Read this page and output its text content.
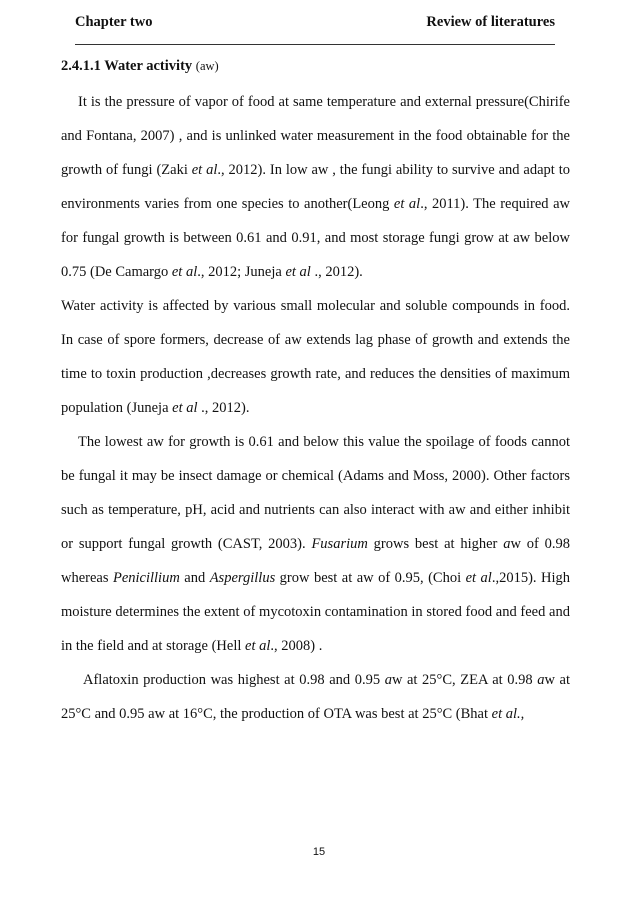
Chapter two	Review of literatures
2.4.1.1 Water activity (aw)

It is the pressure of vapor of food at same temperature and external pressure(Chirife and Fontana, 2007) , and is unlinked water measurement in the food obtainable for the growth of fungi (Zaki et al., 2012). In low aw , the fungi ability to survive and adapt to environments varies from one species to another(Leong et al., 2011). The required aw for fungal growth is between 0.61 and 0.91, and most storage fungi grow at aw below 0.75 (De Camargo et al., 2012; Juneja et al ., 2012).

Water activity is affected by various small molecular and soluble compounds in food. In case of spore formers, decrease of aw extends lag phase of growth and extends the time to toxin production ,decreases growth rate, and reduces the densities of maximum population (Juneja et al ., 2012).

The lowest aw for growth is 0.61 and below this value the spoilage of foods cannot be fungal it may be insect damage or chemical (Adams and Moss, 2000). Other factors such as temperature, pH, acid and nutrients can also interact with aw and either inhibit or support fungal growth (CAST, 2003). Fusarium grows best at higher aw of 0.98 whereas Penicillium and Aspergillus grow best at aw of 0.95, (Choi et al.,2015). High moisture determines the extent of mycotoxin contamination in stored food and feed and in the field and at storage (Hell et al., 2008) .

Aflatoxin production was highest at 0.98 and 0.95 aw at 25°C, ZEA at 0.98 aw at 25°C and 0.95 aw at 16°C, the production of OTA was best at 25°C (Bhat et al.,

15
